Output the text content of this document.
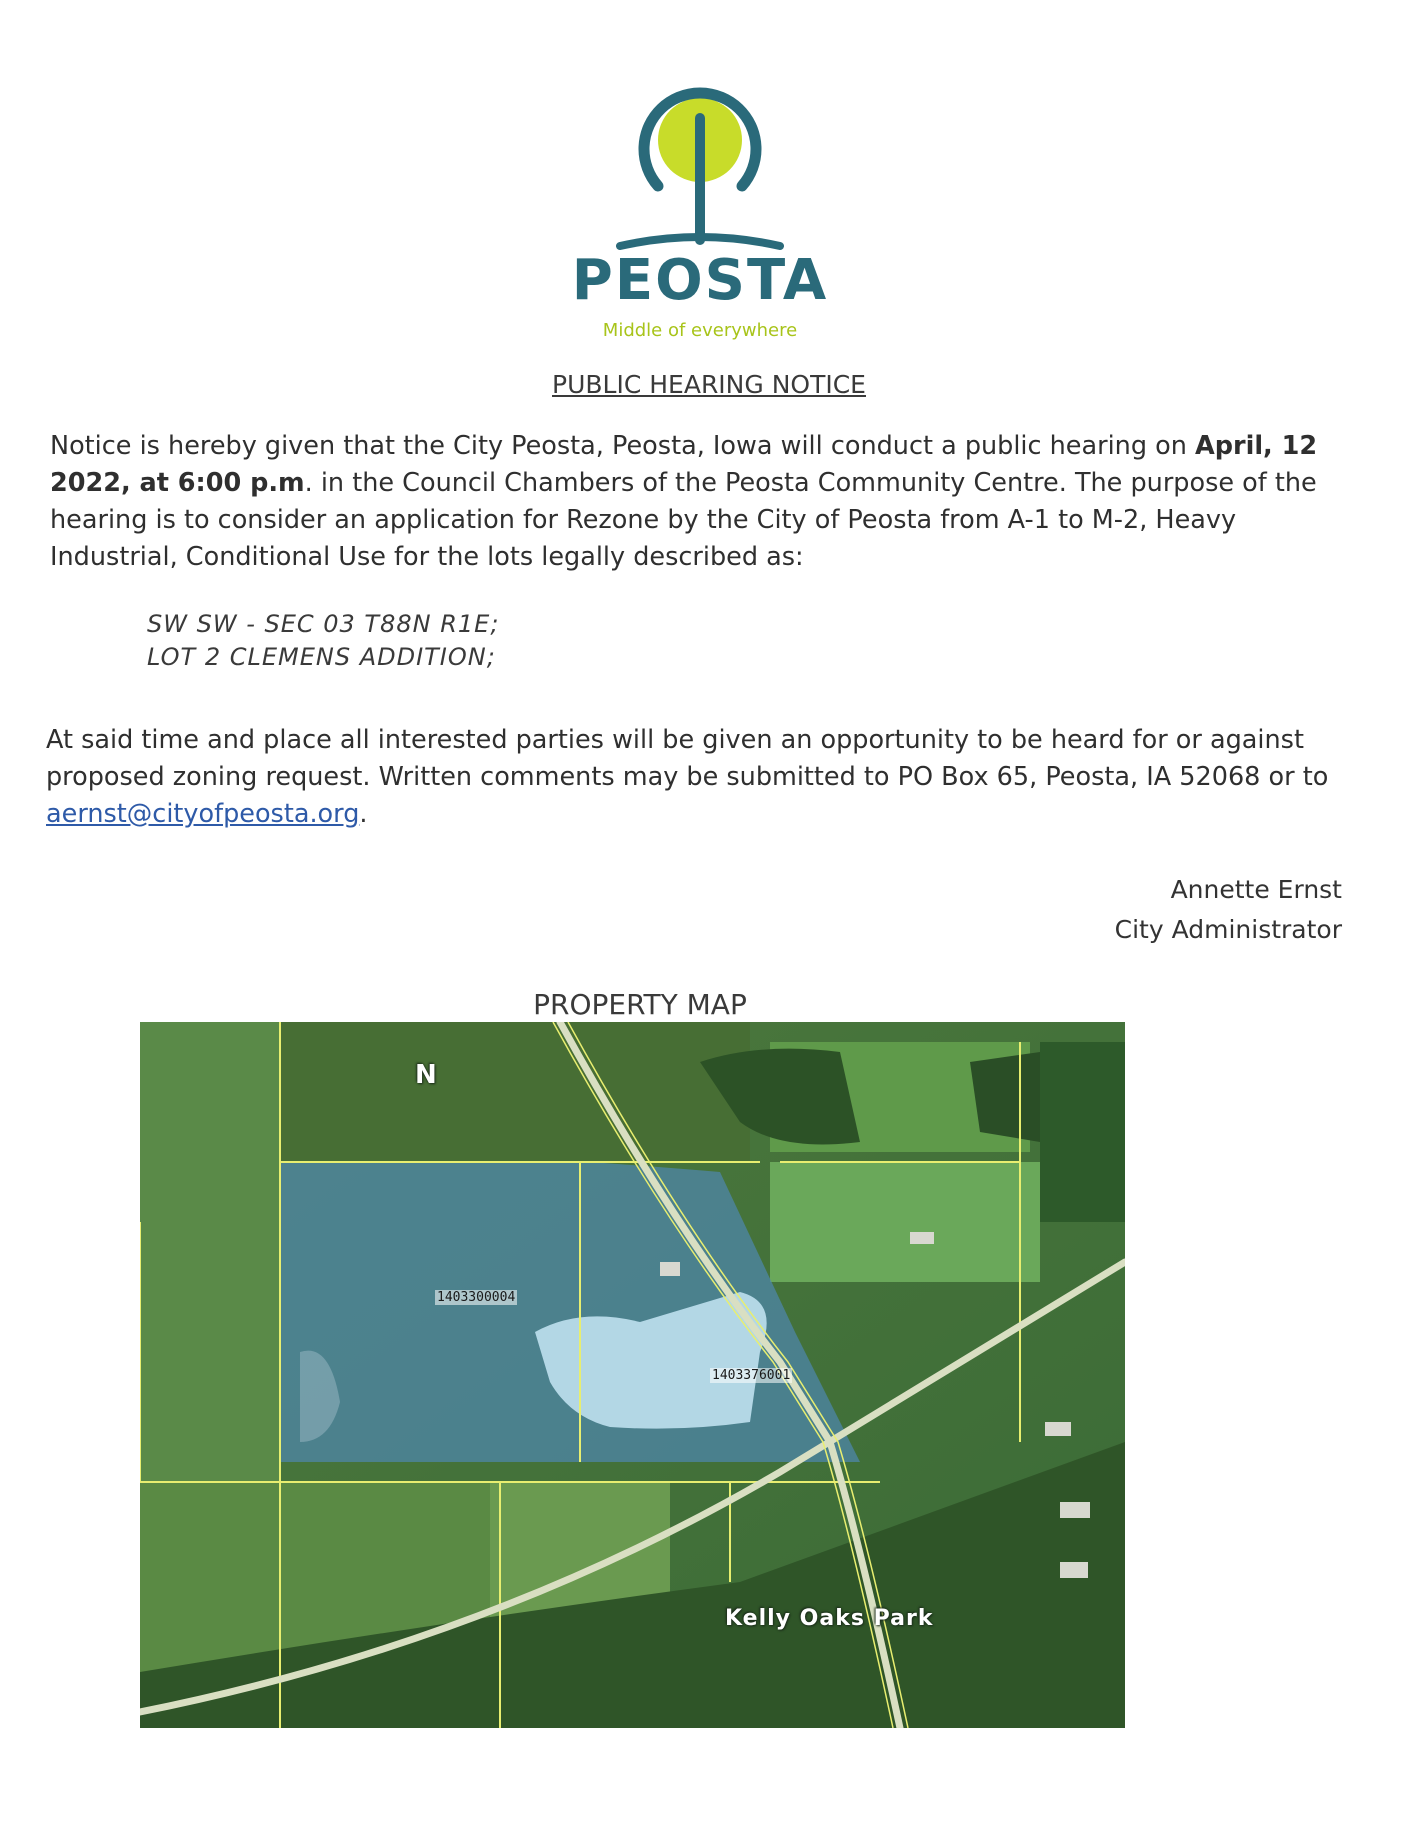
PEOSTA
Middle of everywhere
PUBLIC HEARING NOTICE
Notice is hereby given that the City Peosta, Peosta, Iowa will conduct a public hearing on April, 12 2022, at 6:00 p.m. in the Council Chambers of the Peosta Community Centre. The purpose of the hearing is to consider an application for Rezone by the City of Peosta from A-1 to M-2, Heavy Industrial, Conditional Use for the lots legally described as:
SW SW - SEC 03 T88N R1E;
LOT 2 CLEMENS ADDITION;
At said time and place all interested parties will be given an opportunity to be heard for or against proposed zoning request. Written comments may be submitted to PO Box 65, Peosta, IA 52068 or to aernst@cityofpeosta.org.
Annette Ernst
City Administrator
PROPERTY MAP
N
Kelly Oaks Park
1403300004
1403376001
